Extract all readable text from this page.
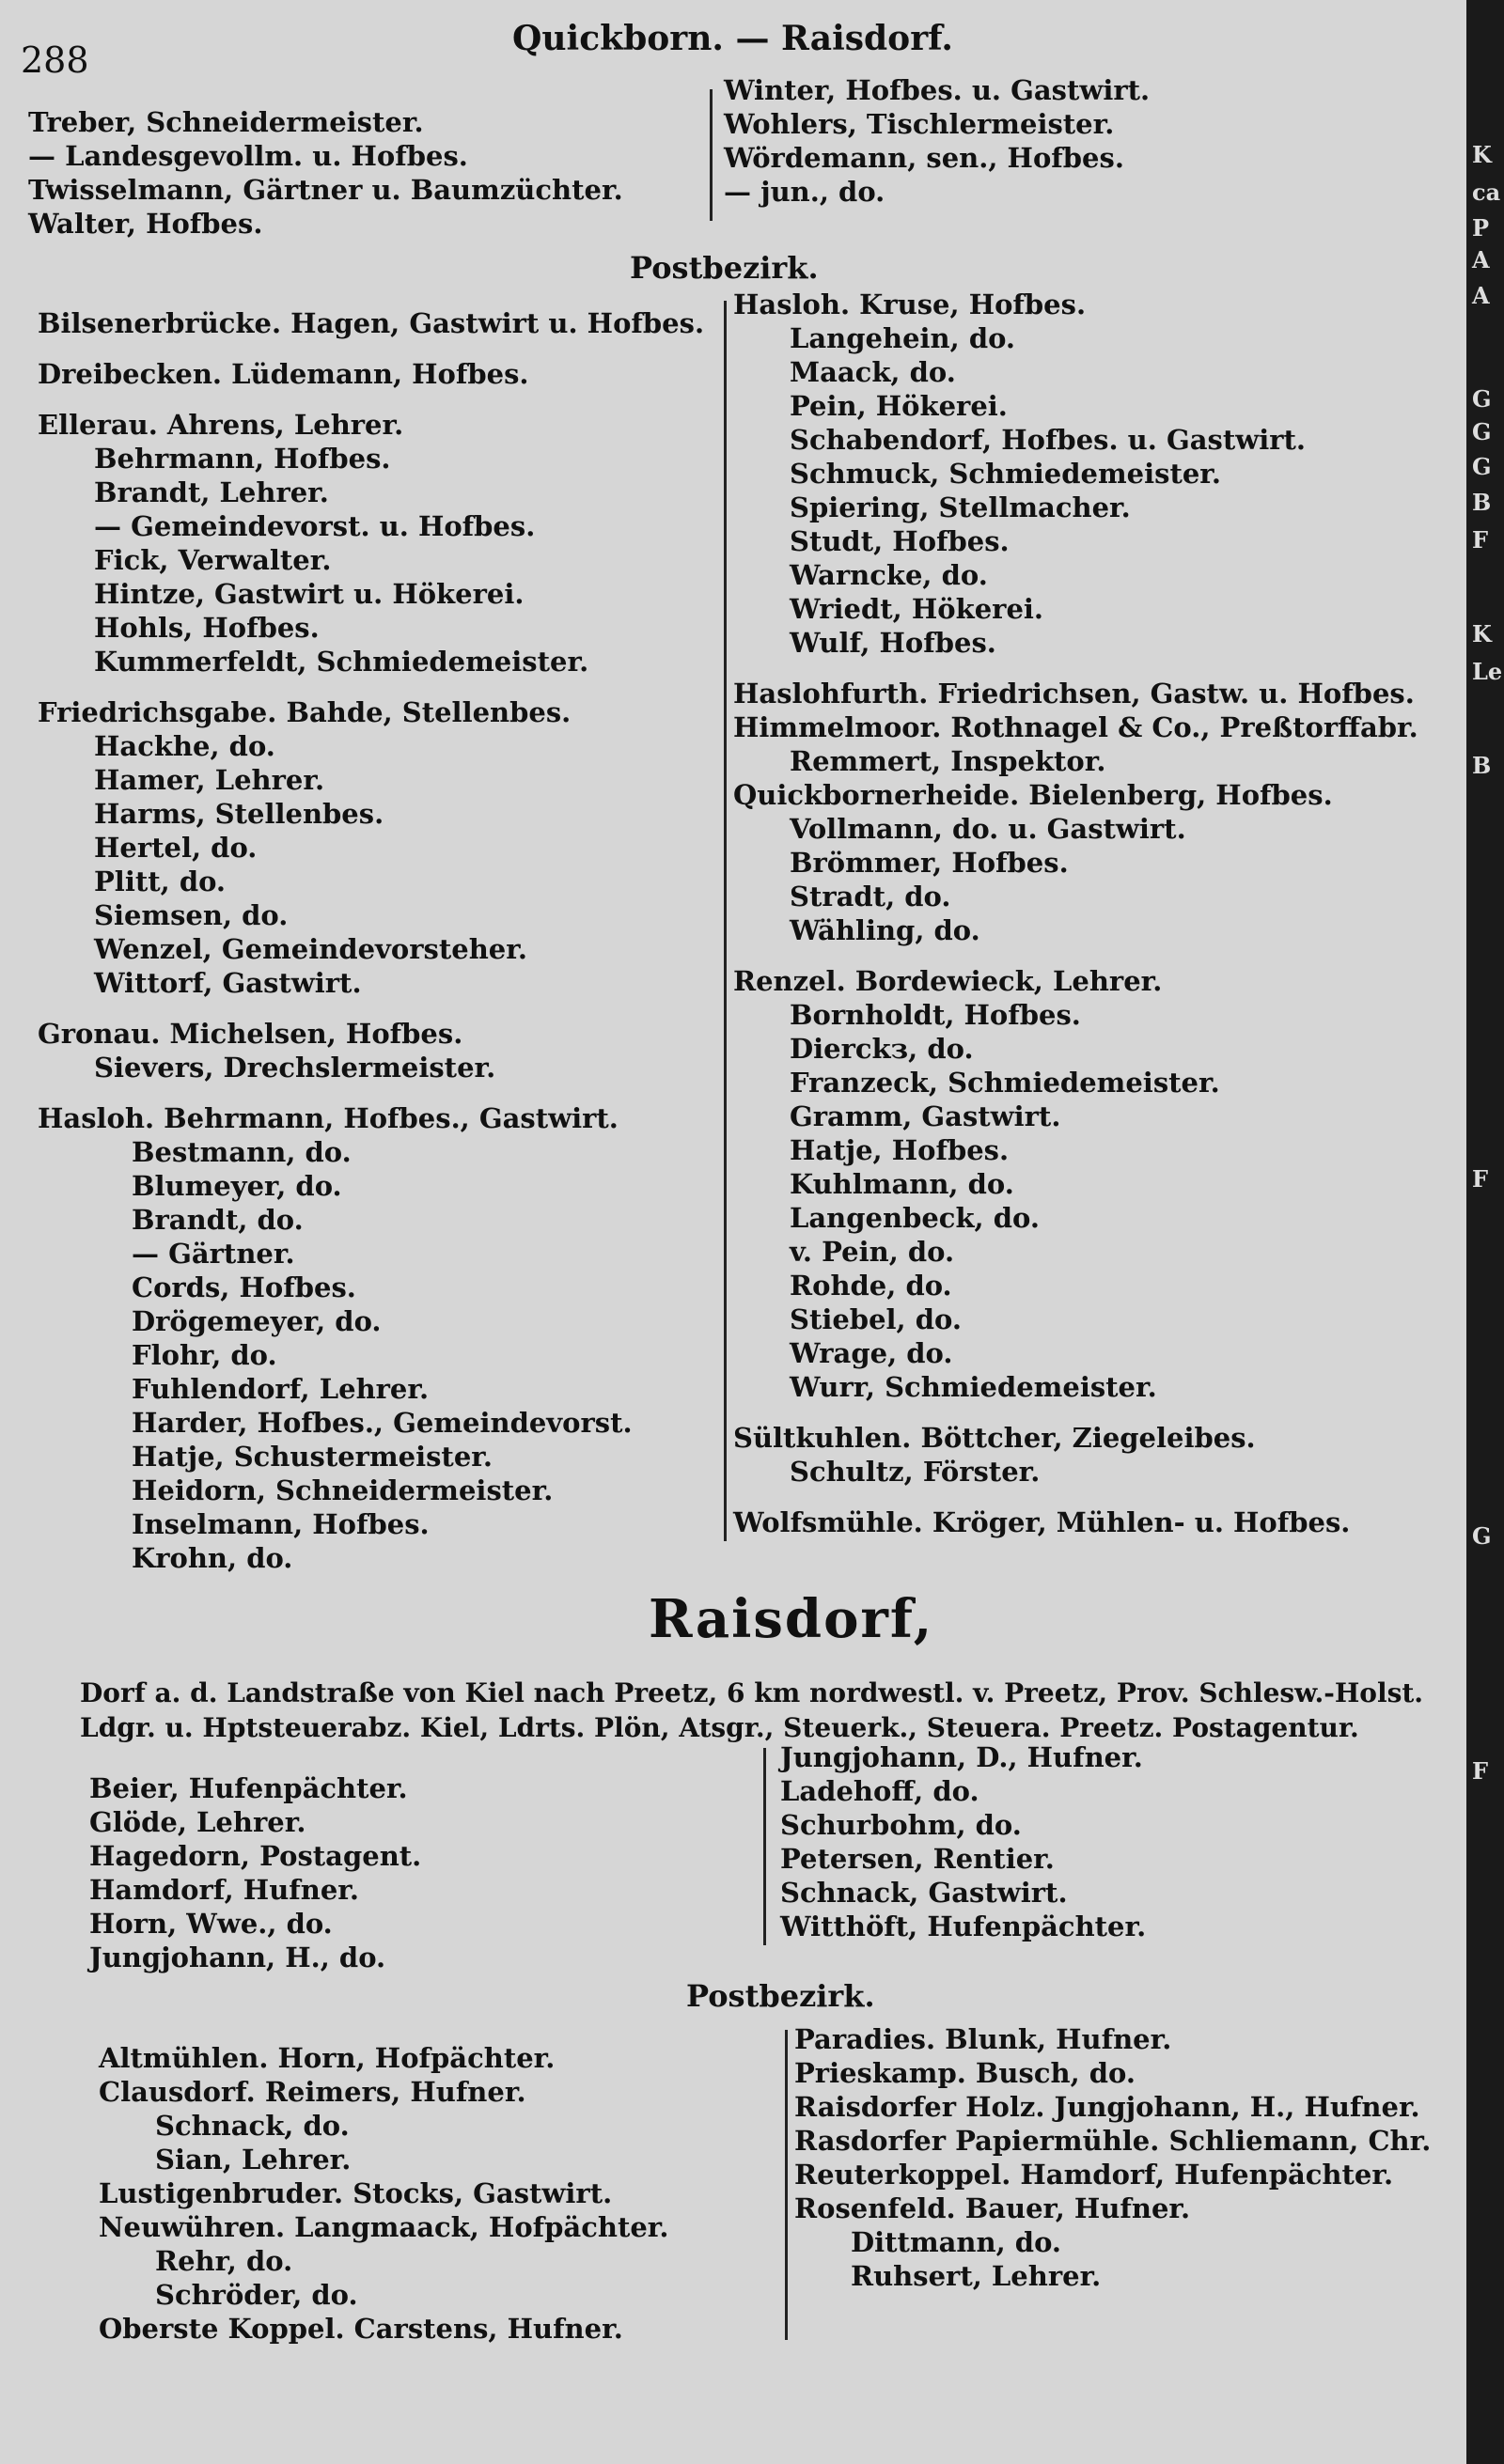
288
Quickborn. — Raisdorf.
Treber, Schneidermeister.
— Landesgevollm. u. Hofbes.
Twisselmann, Gärtner u. Baumzüchter.
Walter, Hofbes.
Winter, Hofbes. u. Gastwirt.
Wohlers, Tischlermeister.
Wördemann, sen., Hofbes.
— jun., do.
Postbezirk.
Bilsenerbrücke. Hagen, Gastwirt u. Hofbes.
Dreibecken. Lüdemann, Hofbes.
Ellerau. Ahrens, Lehrer.
Behrmann, Hofbes.
Brandt, Lehrer.
— Gemeindevorst. u. Hofbes.
Fick, Verwalter.
Hintze, Gastwirt u. Hökerei.
Hohls, Hofbes.
Kummerfeldt, Schmiedemeister.
Friedrichsgabe. Bahde, Stellenbes.
Hackhe, do.
Hamer, Lehrer.
Harms, Stellenbes.
Hertel, do.
Plitt, do.
Siemsen, do.
Wenzel, Gemeindevorsteher.
Wittorf, Gastwirt.
Gronau. Michelsen, Hofbes.
Sievers, Drechslermeister.
Hasloh. Behrmann, Hofbes., Gastwirt.
Bestmann, do.
Blumeyer, do.
Brandt, do.
— Gärtner.
Cords, Hofbes.
Drögemeyer, do.
Flohr, do.
Fuhlendorf, Lehrer.
Harder, Hofbes., Gemeindevorst.
Hatje, Schustermeister.
Heidorn, Schneidermeister.
Inselmann, Hofbes.
Krohn, do.
Hasloh. Kruse, Hofbes.
Langehein, do.
Maack, do.
Pein, Hökerei.
Schabendorf, Hofbes. u. Gastwirt.
Schmuck, Schmiedemeister.
Spiering, Stellmacher.
Studt, Hofbes.
Warncke, do.
Wriedt, Hökerei.
Wulf, Hofbes.
Haslohfurth. Friedrichsen, Gastw. u. Hofbes.
Himmelmoor. Rothnagel & Co., Preßtorffabr.
Remmert, Inspektor.
Quickbornerheide. Bielenberg, Hofbes.
Vollmann, do. u. Gastwirt.
Brömmer, Hofbes.
Stradt, do.
Wähling, do.
Renzel. Bordewieck, Lehrer.
Bornholdt, Hofbes.
Dierckз, do.
Franzeck, Schmiedemeister.
Gramm, Gastwirt.
Hatje, Hofbes.
Kuhlmann, do.
Langenbeck, do.
v. Pein, do.
Rohde, do.
Stiebel, do.
Wrage, do.
Wurr, Schmiedemeister.
Sültkuhlen. Böttcher, Ziegeleibes.
Schultz, Förster.
Wolfsmühle. Kröger, Mühlen- u. Hofbes.
Raisdorf,
Dorf a. d. Landstraße von Kiel nach Preetz, 6 km nordwestl. v. Preetz, Prov. Schlesw.-Holst.
Ldgr. u. Hptsteuerabz. Kiel, Ldrts. Plön, Atsgr., Steuerk., Steuera. Preetz. Postagentur.
Beier, Hufenpächter.
Glöde, Lehrer.
Hagedorn, Postagent.
Hamdorf, Hufner.
Horn, Wwe., do.
Jungjohann, H., do.
Jungjohann, D., Hufner.
Ladehoff, do.
Schurbohm, do.
Petersen, Rentier.
Schnack, Gastwirt.
Witthöft, Hufenpächter.
Postbezirk.
Altmühlen. Horn, Hofpächter.
Clausdorf. Reimers, Hufner.
Schnack, do.
Sian, Lehrer.
Lustigenbruder. Stocks, Gastwirt.
Neuwühren. Langmaack, Hofpächter.
Rehr, do.
Schröder, do.
Oberste Koppel. Carstens, Hufner.
Paradies. Blunk, Hufner.
Prieskamp. Busch, do.
Raisdorfer Holz. Jungjohann, H., Hufner.
Rasdorfer Papiermühle. Schliemann, Chr.
Reuterkoppel. Hamdorf, Hufenpächter.
Rosenfeld. Bauer, Hufner.
Dittmann, do.
Ruhsert, Lehrer.
K
ca
P
A
A
G
G
G
B
F
K
Le
B
F
G
F
